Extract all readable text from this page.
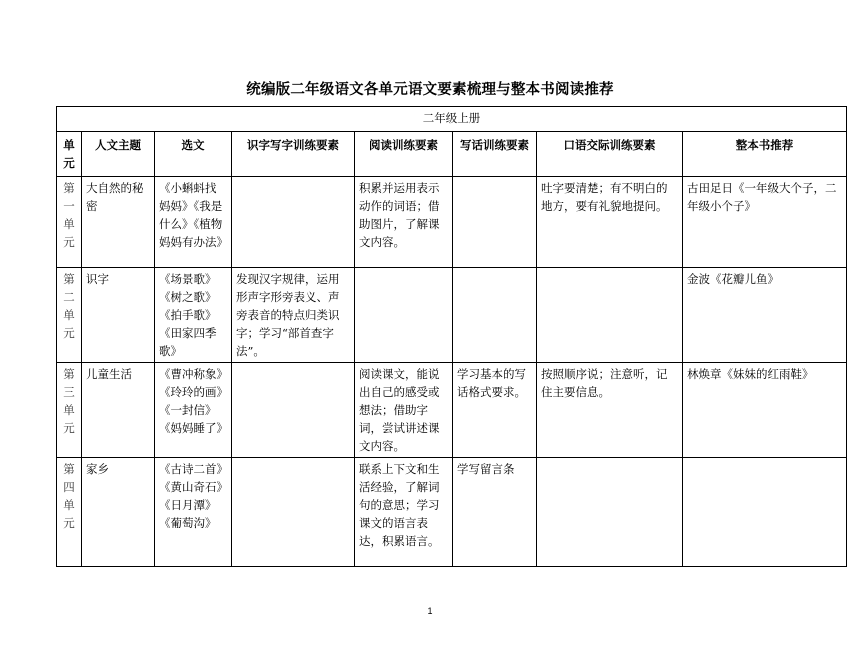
统编版二年级语文各单元语文要素梳理与整本书阅读推荐
二年级上册							
单元	人文主题	选文	识字写字训练要素	阅读训练要素	写话训练要素	口语交际训练要素	整本书推荐
第一单元	大自然的秘密	《小蝌蚪找妈妈》《我是什么》《植物妈妈有办法》		积累并运用表示动作的词语；借助图片，了解课文内容。		吐字要清楚；有不明白的地方，要有礼貌地提问。	古田足日《一年级大个子，二年级小个子》
第二单元	识字	《场景歌》《树之歌》《拍手歌》《田家四季歌》	发现汉字规律，运用形声字形旁表义、声旁表音的特点归类识字；学习“部首查字法”。				金波《花瓣儿鱼》
第三单元	儿童生活	《曹冲称象》《玲玲的画》《一封信》《妈妈睡了》		阅读课文，能说出自己的感受或想法；借助字词，尝试讲述课文内容。	学习基本的写话格式要求。	按照顺序说；注意听，记住主要信息。	林焕章《妹妹的红雨鞋》
第四单元	家乡	《古诗二首》《黄山奇石》《日月潭》《葡萄沟》		联系上下文和生活经验，了解词句的意思；学习课文的语言表达，积累语言。	学写留言条		
1
